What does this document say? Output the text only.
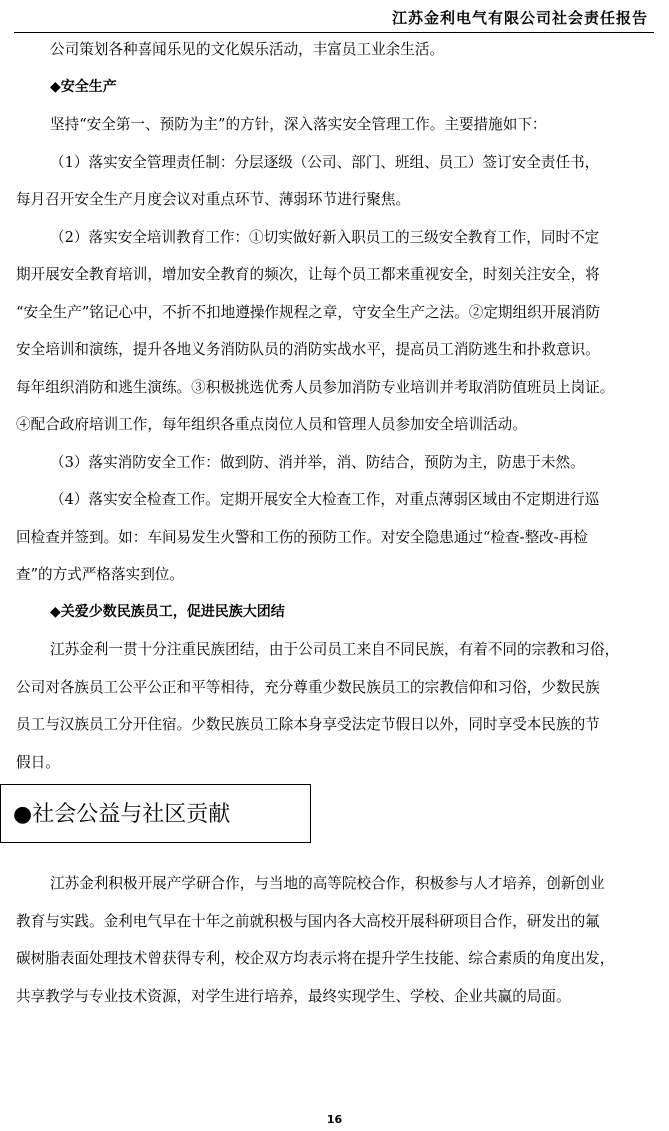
江苏金利电气有限公司社会责任报告
公司策划各种喜闻乐见的文化娱乐活动，丰富员工业余生活。
◆安全生产
坚持“安全第一、预防为主”的方针，深入落实安全管理工作。主要措施如下：
（1）落实安全管理责任制：分层逐级（公司、部门、班组、员工）签订安全责任书，
每月召开安全生产月度会议对重点环节、薄弱环节进行聚焦。
（2）落实安全培训教育工作：①切实做好新入职员工的三级安全教育工作，同时不定
期开展安全教育培训，增加安全教育的频次，让每个员工都来重视安全，时刻关注安全，将
“安全生产”铭记心中，不折不扣地遵操作规程之章，守安全生产之法。②定期组织开展消防
安全培训和演练，提升各地义务消防队员的消防实战水平，提高员工消防逃生和扑救意识。
每年组织消防和逃生演练。③积极挑选优秀人员参加消防专业培训并考取消防值班员上岗证。
④配合政府培训工作，每年组织各重点岗位人员和管理人员参加安全培训活动。
（3）落实消防安全工作：做到防、消并举，消、防结合，预防为主，防患于未然。
（4）落实安全检查工作。定期开展安全大检查工作，对重点薄弱区域由不定期进行巡
回检查并签到。如：车间易发生火警和工伤的预防工作。对安全隐患通过“检查-整改-再检
查”的方式严格落实到位。
◆关爱少数民族员工，促进民族大团结
江苏金利一贯十分注重民族团结，由于公司员工来自不同民族，有着不同的宗教和习俗，
公司对各族员工公平公正和平等相待，充分尊重少数民族员工的宗教信仰和习俗，少数民族
员工与汉族员工分开住宿。少数民族员工除本身享受法定节假日以外，同时享受本民族的节
假日。
●社会公益与社区贡献
江苏金利积极开展产学研合作，与当地的高等院校合作，积极参与人才培养，创新创业
教育与实践。金利电气早在十年之前就积极与国内各大高校开展科研项目合作，研发出的氟
碳树脂表面处理技术曾获得专利，校企双方均表示将在提升学生技能、综合素质的角度出发，
共享教学与专业技术资源，对学生进行培养，最终实现学生、学校、企业共赢的局面。
16
